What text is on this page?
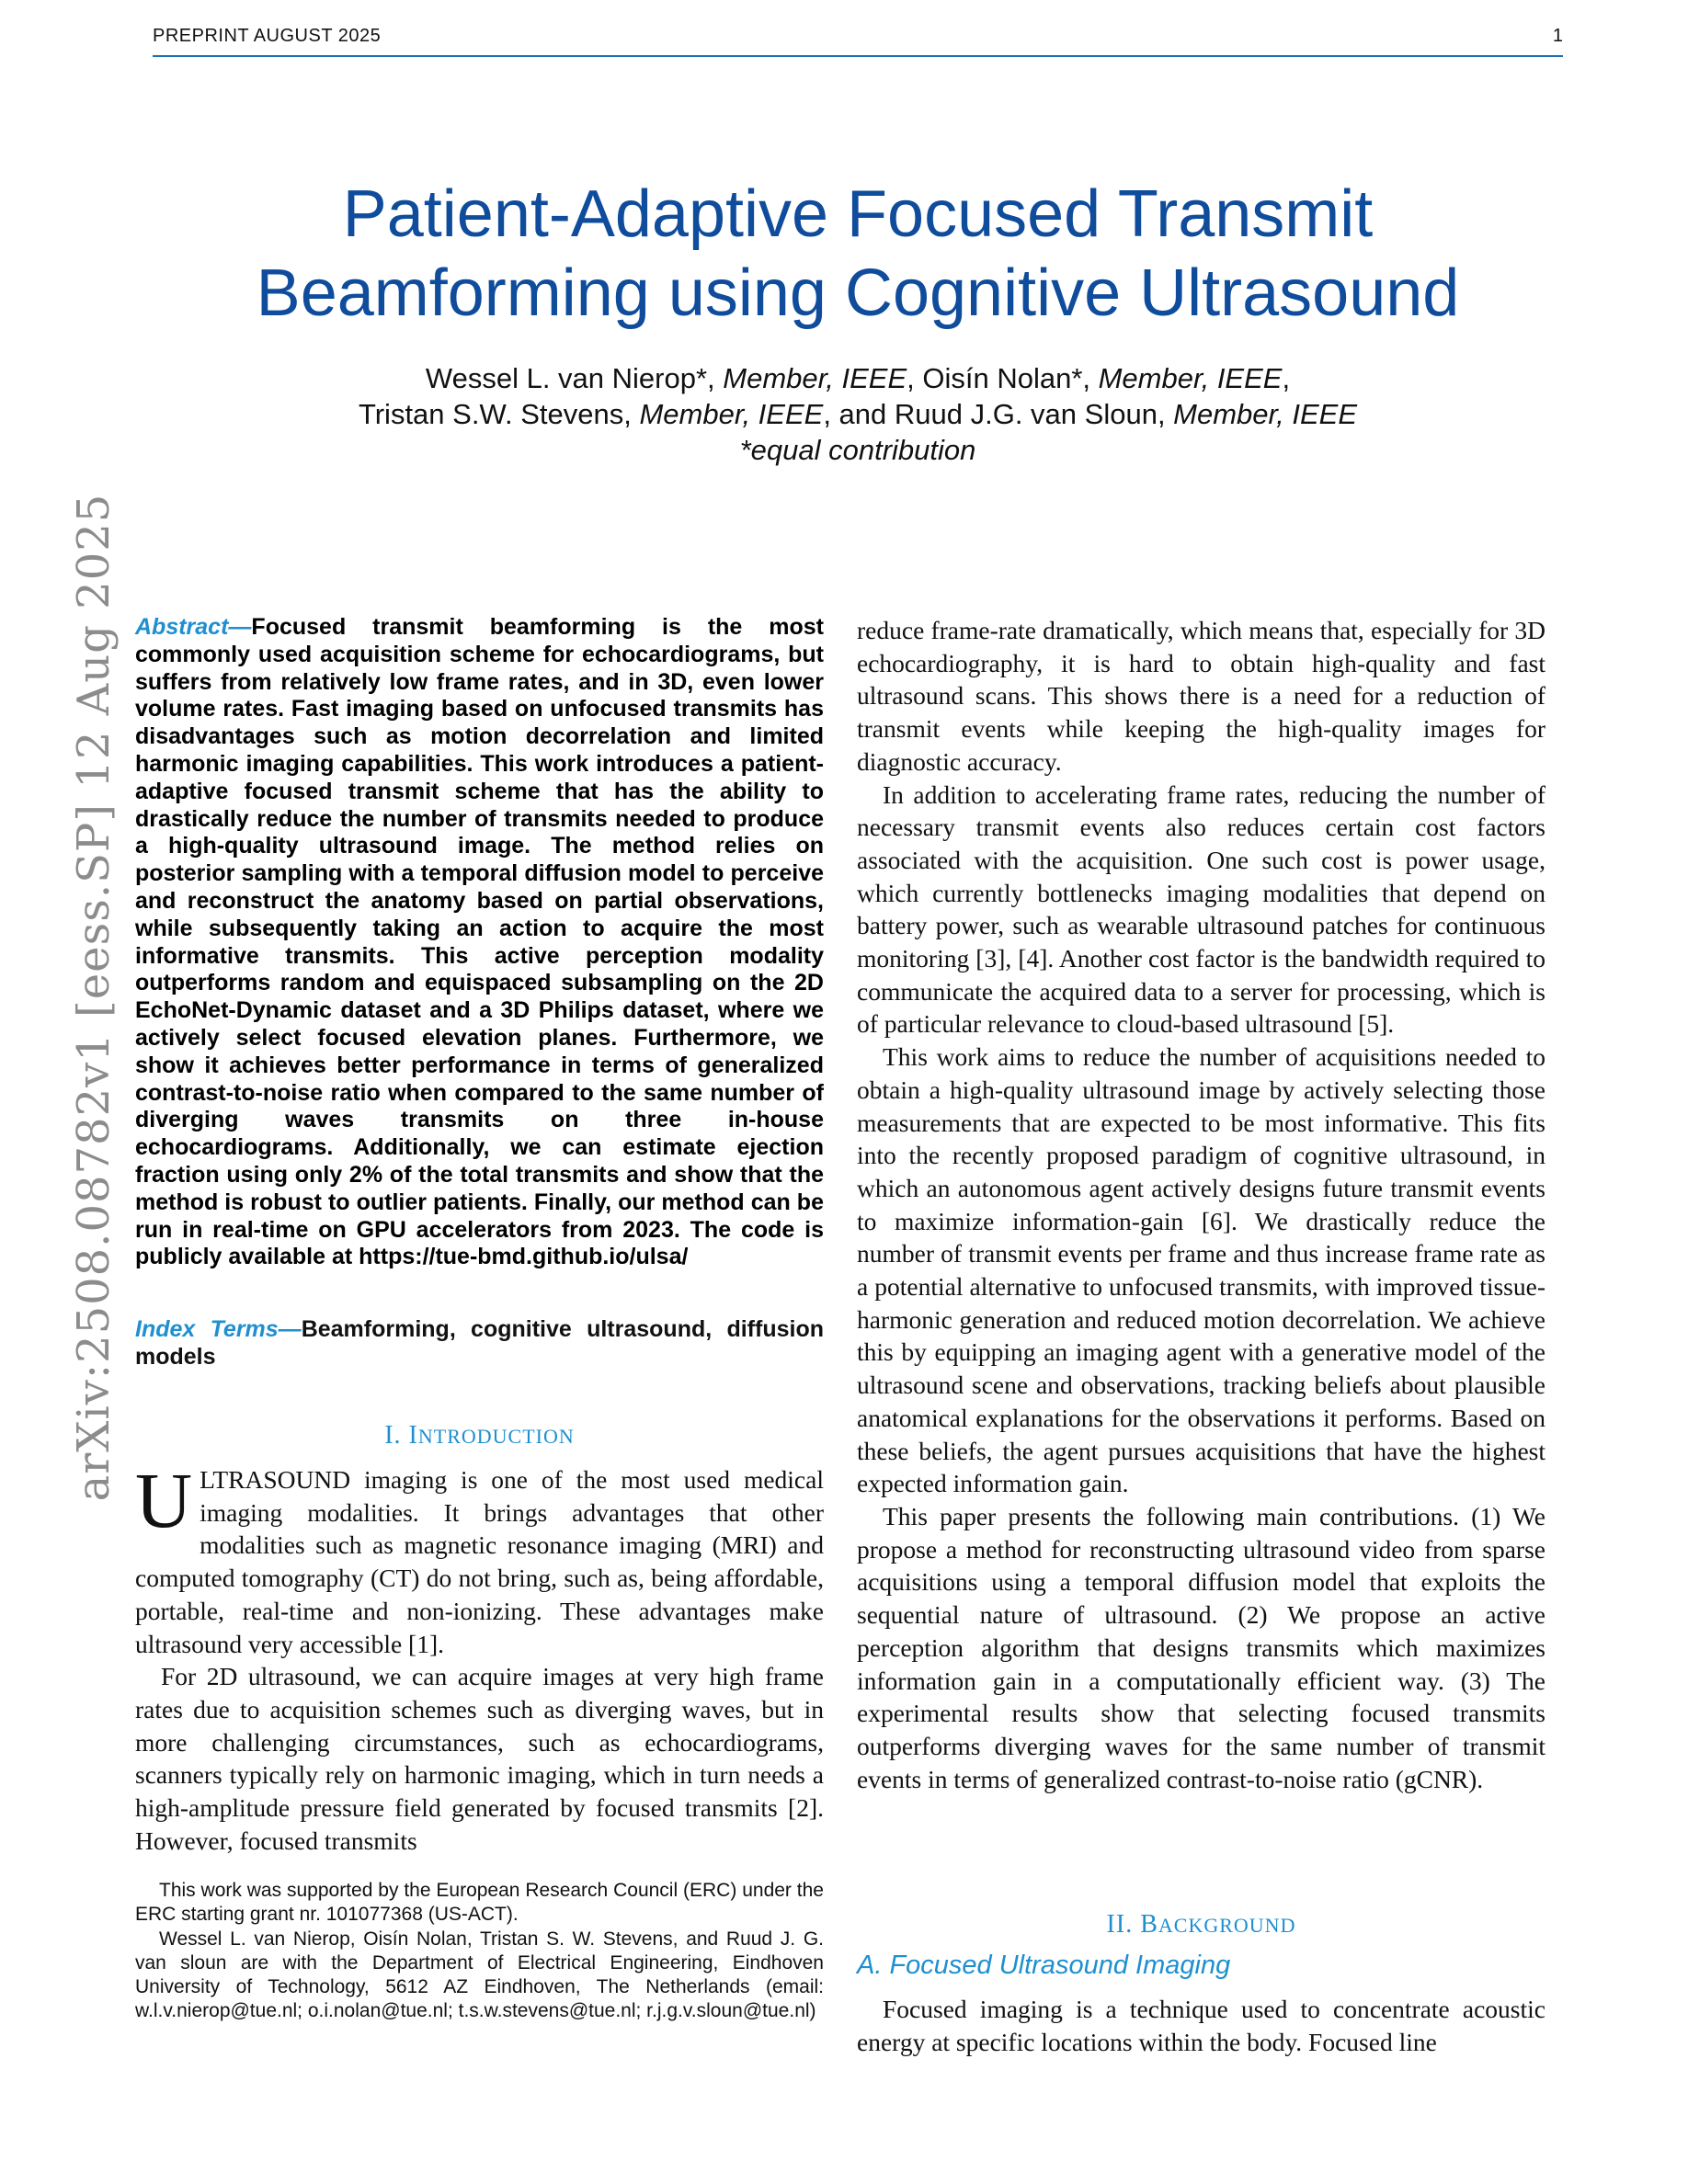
PREPRINT AUGUST 2025	1
arXiv:2508.08782v1 [eess.SP] 12 Aug 2025
Patient-Adaptive Focused Transmit
Beamforming using Cognitive Ultrasound
Wessel L. van Nierop*, Member, IEEE, Oisín Nolan*, Member, IEEE,
Tristan S.W. Stevens, Member, IEEE, and Ruud J.G. van Sloun, Member, IEEE
*equal contribution
Abstract—Focused transmit beamforming is the most commonly used acquisition scheme for echocardiograms, but suffers from relatively low frame rates, and in 3D, even lower volume rates. Fast imaging based on unfocused transmits has disadvantages such as motion decorrelation and limited harmonic imaging capabilities. This work introduces a patient-adaptive focused transmit scheme that has the ability to drastically reduce the number of transmits needed to produce a high-quality ultrasound image. The method relies on posterior sampling with a temporal diffusion model to perceive and reconstruct the anatomy based on partial observations, while subsequently taking an action to acquire the most informative transmits. This active perception modality outperforms random and equispaced subsampling on the 2D EchoNet-Dynamic dataset and a 3D Philips dataset, where we actively select focused elevation planes. Furthermore, we show it achieves better performance in terms of generalized contrast-to-noise ratio when compared to the same number of diverging waves transmits on three in-house echocardiograms. Additionally, we can estimate ejection fraction using only 2% of the total transmits and show that the method is robust to outlier patients. Finally, our method can be run in real-time on GPU accelerators from 2023. The code is publicly available at https://tue-bmd.github.io/ulsa/
Index Terms—Beamforming, cognitive ultrasound, diffusion models
I. INTRODUCTION

ULTRASOUND imaging is one of the most used medical imaging modalities. It brings advantages that other modalities such as magnetic resonance imaging (MRI) and computed tomography (CT) do not bring, such as, being affordable, portable, real-time and non-ionizing. These advantages make ultrasound very accessible [1].

For 2D ultrasound, we can acquire images at very high frame rates due to acquisition schemes such as diverging waves, but in more challenging circumstances, such as echocardiograms, scanners typically rely on harmonic imaging, which in turn needs a high-amplitude pressure field generated by focused transmits [2]. However, focused transmits

This work was supported by the European Research Council (ERC) under the ERC starting grant nr. 101077368 (US-ACT).

Wessel L. van Nierop, Oisín Nolan, Tristan S. W. Stevens, and Ruud J. G. van sloun are with the Department of Electrical Engineering, Eindhoven University of Technology, 5612 AZ Eindhoven, The Netherlands (email: w.l.v.nierop@tue.nl; o.i.nolan@tue.nl; t.s.w.stevens@tue.nl; r.j.g.v.sloun@tue.nl)

reduce frame-rate dramatically, which means that, especially for 3D echocardiography, it is hard to obtain high-quality and fast ultrasound scans. This shows there is a need for a reduction of transmit events while keeping the high-quality images for diagnostic accuracy.

In addition to accelerating frame rates, reducing the number of necessary transmit events also reduces certain cost factors associated with the acquisition. One such cost is power usage, which currently bottlenecks imaging modalities that depend on battery power, such as wearable ultrasound patches for continuous monitoring [3], [4]. Another cost factor is the bandwidth required to communicate the acquired data to a server for processing, which is of particular relevance to cloud-based ultrasound [5].

This work aims to reduce the number of acquisitions needed to obtain a high-quality ultrasound image by actively selecting those measurements that are expected to be most informative. This fits into the recently proposed paradigm of cognitive ultrasound, in which an autonomous agent actively designs future transmit events to maximize information-gain [6]. We drastically reduce the number of transmit events per frame and thus increase frame rate as a potential alternative to unfocused transmits, with improved tissue-harmonic generation and reduced motion decorrelation. We achieve this by equipping an imaging agent with a generative model of the ultrasound scene and observations, tracking beliefs about plausible anatomical explanations for the observations it performs. Based on these beliefs, the agent pursues acquisitions that have the highest expected information gain.

This paper presents the following main contributions. (1) We propose a method for reconstructing ultrasound video from sparse acquisitions using a temporal diffusion model that exploits the sequential nature of ultrasound. (2) We propose an active perception algorithm that designs transmits which maximizes information gain in a computationally efficient way. (3) The experimental results show that selecting focused transmits outperforms diverging waves for the same number of transmit events in terms of generalized contrast-to-noise ratio (gCNR).

II. BACKGROUND
A. Focused Ultrasound Imaging

Focused imaging is a technique used to concentrate acoustic energy at specific locations within the body. Focused line
